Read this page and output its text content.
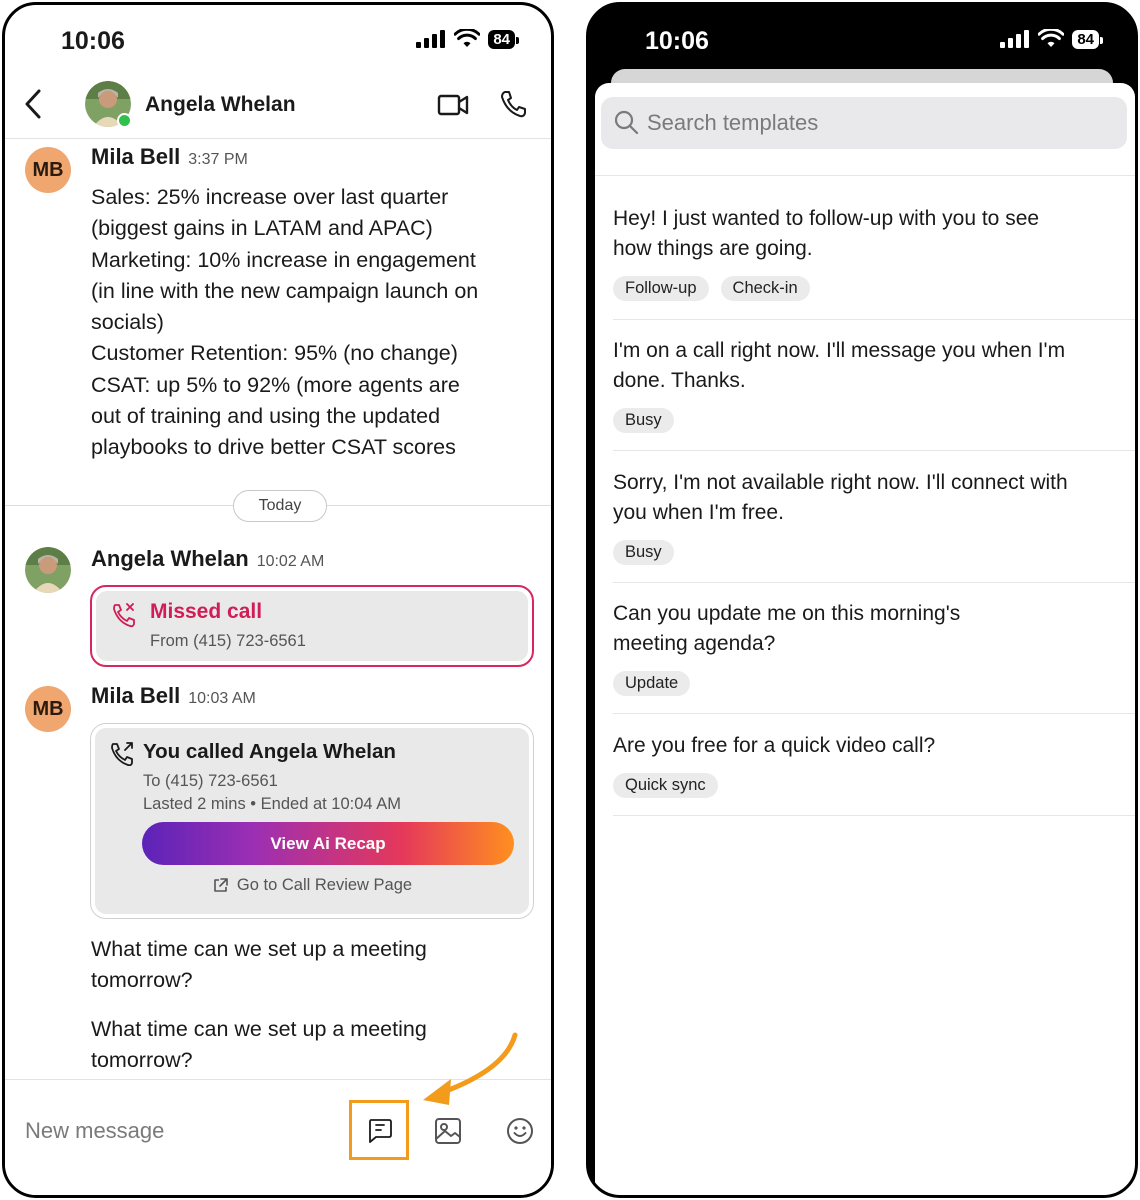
10:06	84
Angela Whelan
MB
Mila Bell 3:37 PM
Sales: 25% increase over last quarter
(biggest gains in LATAM and APAC)
Marketing: 10% increase in engagement
(in line with the new campaign launch on
socials)
Customer Retention: 95% (no change)
CSAT: up 5% to 92% (more agents are
out of training and using the updated
playbooks to drive better CSAT scores
Today
Angela Whelan 10:02 AM
Missed call
From (415) 723-6561
MB
Mila Bell 10:03 AM
You called Angela Whelan
To (415) 723-6561
Lasted 2 mins • Ended at 10:04 AM
View Ai Recap
Go to Call Review Page
What time can we set up a meeting
tomorrow?
What time can we set up a meeting
tomorrow?
New message
10:06	84
Search templates
Hey! I just wanted to follow-up with you to see
how things are going.
Follow-up	Check-in
I'm on a call right now. I'll message you when I'm
done. Thanks.
Busy
Sorry, I'm not available right now. I'll connect with
you when I'm free.
Busy
Can you update me on this morning's
meeting agenda?
Update
Are you free for a quick video call?
Quick sync
